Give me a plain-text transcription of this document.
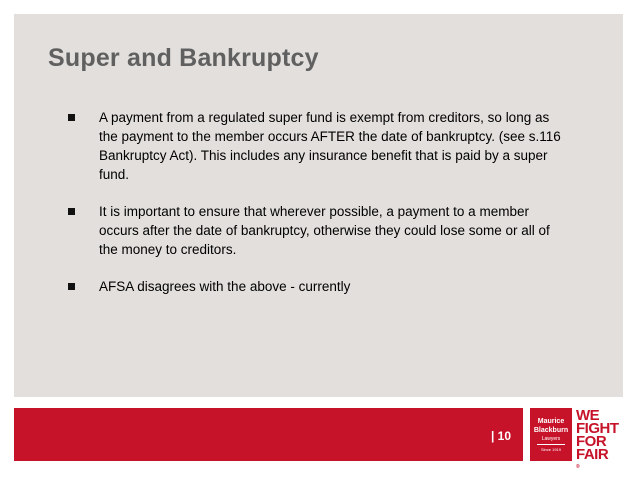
Super and Bankruptcy
A payment from a regulated super fund is exempt from creditors, so long as the payment to the member occurs AFTER the date of bankruptcy. (see s.116 Bankruptcy Act). This includes any insurance benefit that is paid by a super fund.
It is important to ensure that wherever possible, a payment to a member occurs after the date of bankruptcy, otherwise they could lose some or all of the money to creditors.
AFSA disagrees with the above - currently
| 10
Maurice
Blackburn
Lawyers
Since 1919
WE
FIGHT
FOR
FAIR
®
